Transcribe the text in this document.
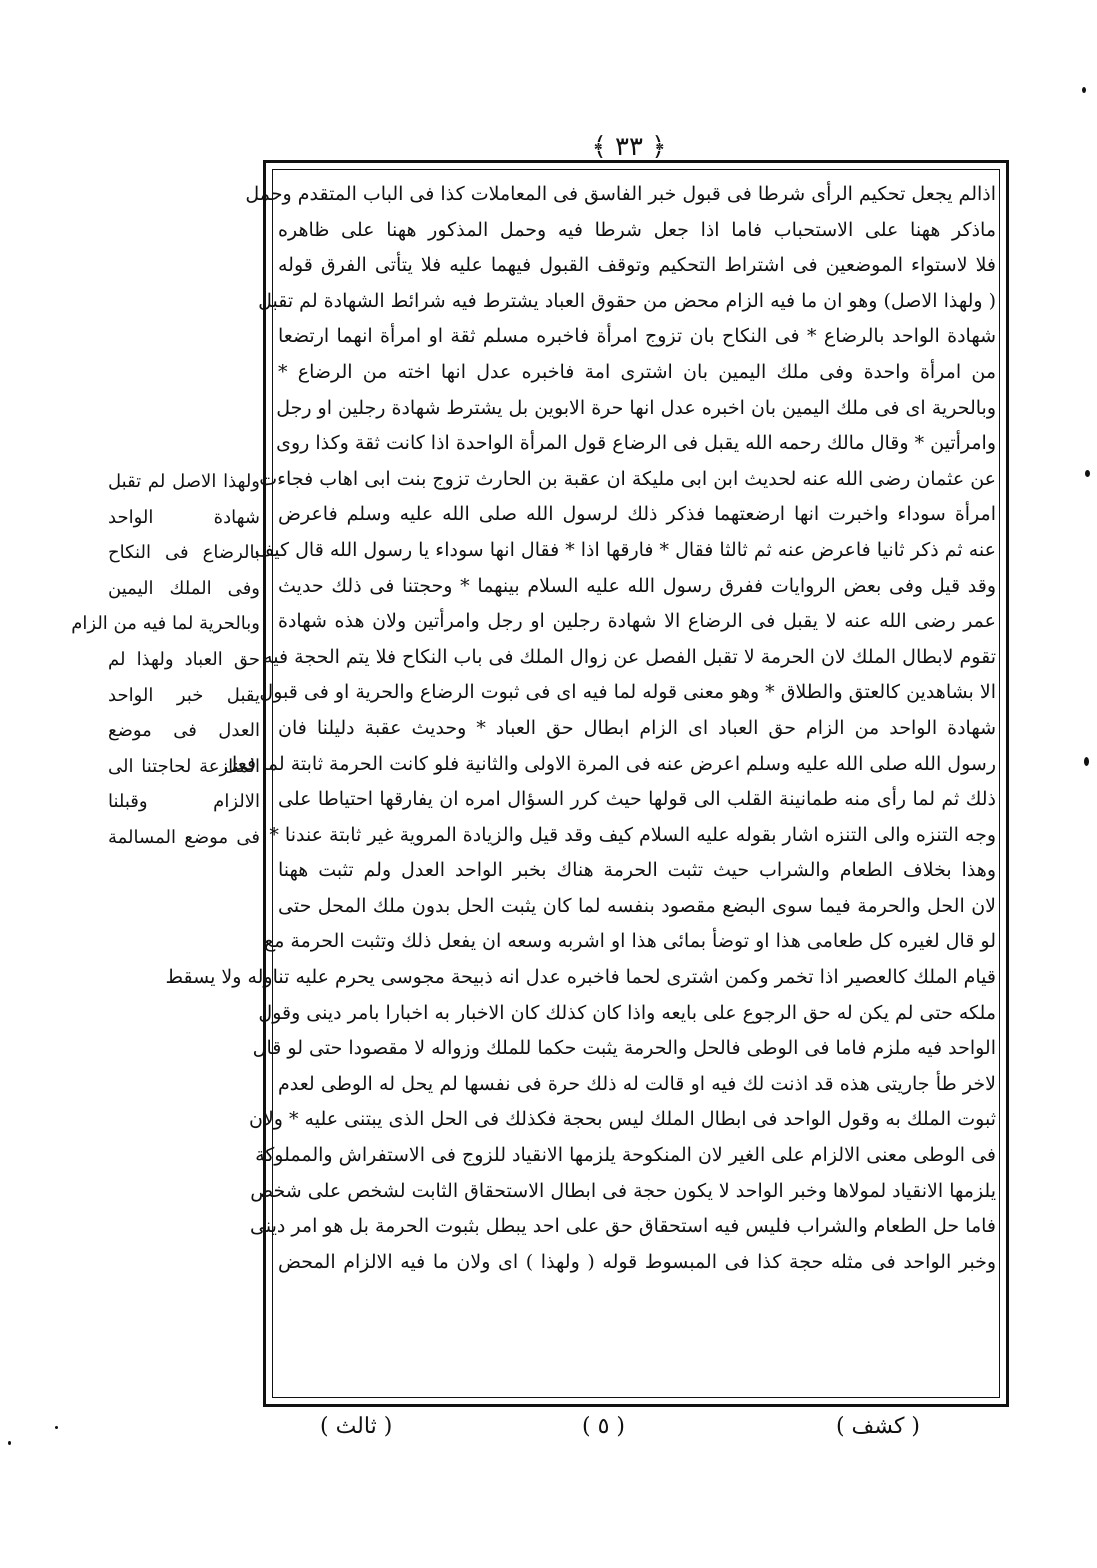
﴿ ٣٣ ﴾
اذالم يجعل تحكيم الرأى شرطا فى قبول خبر الفاسق فى المعاملات كذا فى الباب المتقدم وحمل
ماذكر ههنا على الاستحباب فاما اذا جعل شرطا فيه وحمل المذكور ههنا على ظاهره
فلا لاستواء الموضعين فى اشتراط التحكيم وتوقف القبول فيهما عليه فلا يتأتى الفرق قوله
( ولهذا الاصل) وهو ان ما فيه الزام محض من حقوق العباد يشترط فيه شرائط الشهادة لم تقبل
شهادة الواحد بالرضاع * فى النكاح بان تزوج امرأة فاخبره مسلم ثقة او امرأة انهما ارتضعا
من امرأة واحدة وفى ملك اليمين بان اشترى امة فاخبره عدل انها اخته من الرضاع *
وبالحرية اى فى ملك اليمين بان اخبره عدل انها حرة الابوين بل يشترط شهادة رجلين او رجل
وامرأتين * وقال مالك رحمه الله يقبل فى الرضاع قول المرأة الواحدة اذا كانت ثقة وكذا روى
عن عثمان رضى الله عنه لحديث ابن ابى مليكة ان عقبة بن الحارث تزوج بنت ابى اهاب فجاءت
امرأة سوداء واخبرت انها ارضعتهما فذكر ذلك لرسول الله صلى الله عليه وسلم فاعرض
عنه ثم ذكر ثانيا فاعرض عنه ثم ثالثا فقال * فارقها اذا * فقال انها سوداء يا رسول الله قال كيف
وقد قيل وفى بعض الروايات ففرق رسول الله عليه السلام بينهما * وحجتنا فى ذلك حديث
عمر رضى الله عنه لا يقبل فى الرضاع الا شهادة رجلين او رجل وامرأتين ولان هذه شهادة
تقوم لابطال الملك لان الحرمة لا تقبل الفصل عن زوال الملك فى باب النكاح فلا يتم الحجة فيه
الا بشاهدين كالعتق والطلاق * وهو معنى قوله لما فيه اى فى ثبوت الرضاع والحرية او فى قبول
شهادة الواحد من الزام حق العباد اى الزام ابطال حق العباد * وحديث عقبة دليلنا فان
رسول الله صلى الله عليه وسلم اعرض عنه فى المرة الاولى والثانية فلو كانت الحرمة ثابتة لما فعل
ذلك ثم لما رأى منه طمانينة القلب الى قولها حيث كرر السؤال امره ان يفارقها احتياطا على
وجه التنزه والى التنزه اشار بقوله عليه السلام كيف وقد قيل والزيادة المروية غير ثابتة عندنا *
وهذا بخلاف الطعام والشراب حيث تثبت الحرمة هناك بخبر الواحد العدل ولم تثبت ههنا
لان الحل والحرمة فيما سوى البضع مقصود بنفسه لما كان يثبت الحل بدون ملك المحل حتى
لو قال لغيره كل طعامى هذا او توضأ بمائى هذا او اشربه وسعه ان يفعل ذلك وتثبت الحرمة مع
قيام الملك كالعصير اذا تخمر وكمن اشترى لحما فاخبره عدل انه ذبيحة مجوسى يحرم عليه تناوله ولا يسقط
ملكه حتى لم يكن له حق الرجوع على بايعه واذا كان كذلك كان الاخبار به اخبارا بامر دينى وقول
الواحد فيه ملزم فاما فى الوطى فالحل والحرمة يثبت حكما للملك وزواله لا مقصودا حتى لو قال
لاخر طأ جاريتى هذه قد اذنت لك فيه او قالت له ذلك حرة فى نفسها لم يحل له الوطى لعدم
ثبوت الملك به وقول الواحد فى ابطال الملك ليس بحجة فكذلك فى الحل الذى يبتنى عليه * ولان
فى الوطى معنى الالزام على الغير لان المنكوحة يلزمها الانقياد للزوج فى الاستفراش والمملوكة
يلزمها الانقياد لمولاها وخبر الواحد لا يكون حجة فى ابطال الاستحقاق الثابت لشخص على شخص
فاما حل الطعام والشراب فليس فيه استحقاق حق على احد يبطل بثبوت الحرمة بل هو امر دينى
وخبر الواحد فى مثله حجة كذا فى المبسوط قوله ( ولهذا ) اى ولان ما فيه الالزام المحض
ولهذا الاصل لم تقبل
شهادة الواحد
بالرضاع فى النكاح
وفى الملك اليمين
وبالحرية لما فيه من الزام
حق العباد ولهذا لم
يقبل خبر الواحد
العدل فى موضع
المنازعة لحاجتنا الى
الالزام وقبلنا
فى موضع المسالمة
( كشف )
( ٥ )
( ثالث )
